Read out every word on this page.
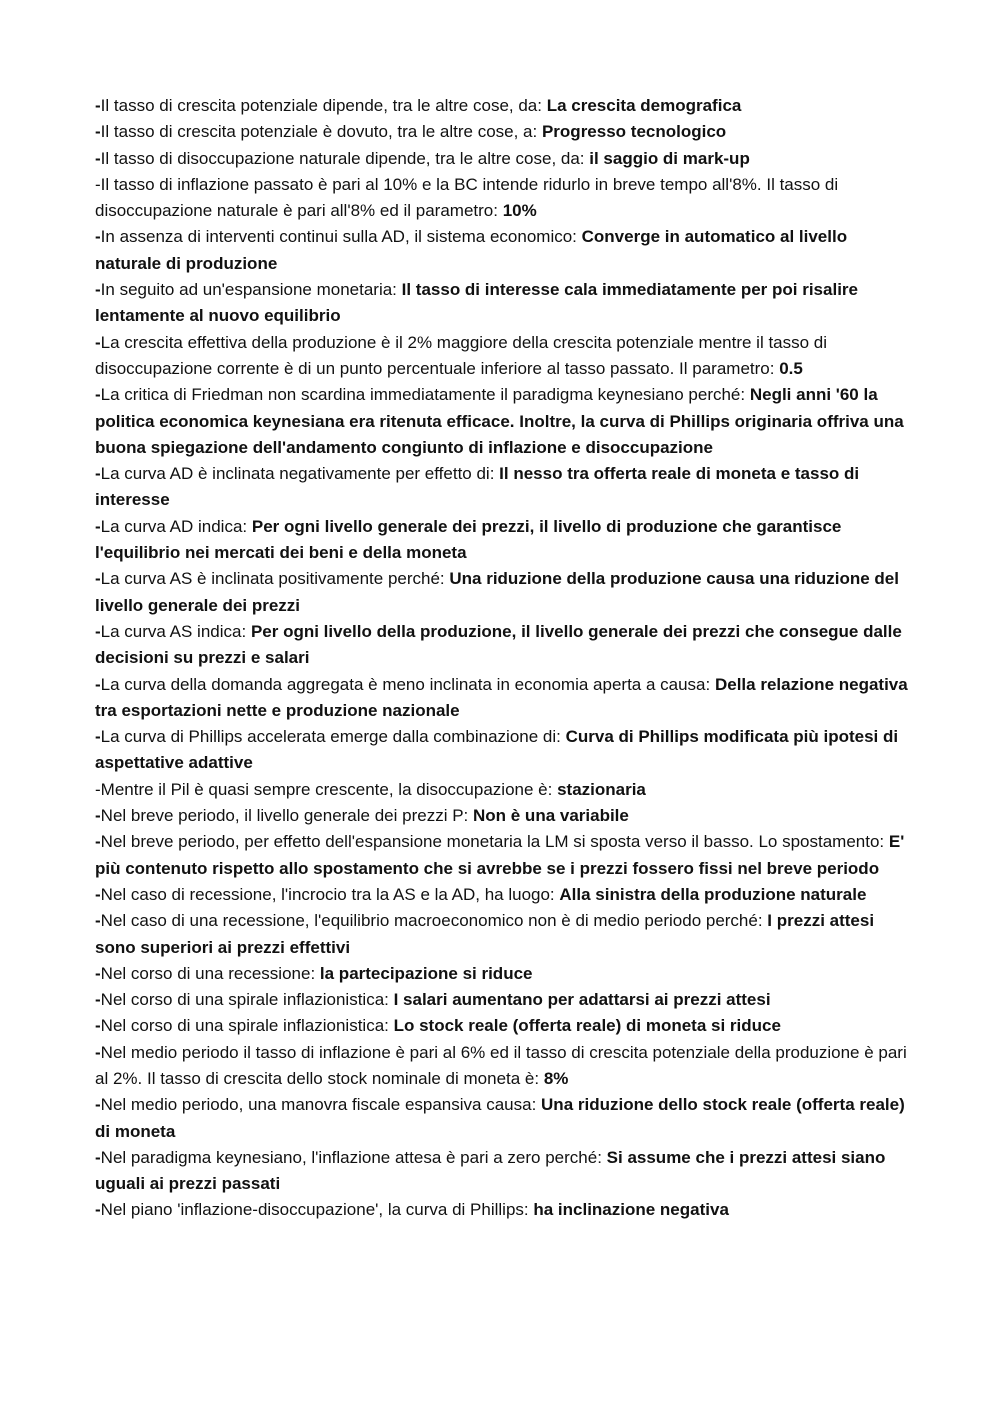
-Il tasso di crescita potenziale dipende, tra le altre cose, da: La crescita demografica

-Il tasso di crescita potenziale è dovuto, tra le altre cose, a: Progresso tecnologico

-Il tasso di disoccupazione naturale dipende, tra le altre cose, da: il saggio di mark-up

-Il tasso di inflazione passato è pari al 10% e la BC intende ridurlo in breve tempo all'8%. Il tasso di disoccupazione naturale è pari all'8% ed il parametro: 10%

-In assenza di interventi continui sulla AD, il sistema economico: Converge in automatico al livello naturale di produzione

-In seguito ad un'espansione monetaria: Il tasso di interesse cala immediatamente per poi risalire lentamente al nuovo equilibrio

-La crescita effettiva della produzione è il 2% maggiore della crescita potenziale mentre il tasso di disoccupazione corrente è di un punto percentuale inferiore al tasso passato. Il parametro: 0.5

-La critica di Friedman non scardina immediatamente il paradigma keynesiano perché: Negli anni '60 la politica economica keynesiana era ritenuta efficace. Inoltre, la curva di Phillips originaria offriva una buona spiegazione dell'andamento congiunto di inflazione e disoccupazione

-La curva AD è inclinata negativamente per effetto di: Il nesso tra offerta reale di moneta e tasso di interesse

-La curva AD indica: Per ogni livello generale dei prezzi, il livello di produzione che garantisce l'equilibrio nei mercati dei beni e della moneta

-La curva AS è inclinata positivamente perché: Una riduzione della produzione causa una riduzione del livello generale dei prezzi

-La curva AS indica: Per ogni livello della produzione, il livello generale dei prezzi che consegue dalle decisioni su prezzi e salari

-La curva della domanda aggregata è meno inclinata in economia aperta a causa: Della relazione negativa tra esportazioni nette e produzione nazionale

-La curva di Phillips accelerata emerge dalla combinazione di: Curva di Phillips modificata più ipotesi di aspettative adattive

-Mentre il Pil è quasi sempre crescente, la disoccupazione è: stazionaria

-Nel breve periodo, il livello generale dei prezzi P: Non è una variabile

-Nel breve periodo, per effetto dell'espansione monetaria la LM si sposta verso il basso. Lo spostamento: E' più contenuto rispetto allo spostamento che si avrebbe se i prezzi fossero fissi nel breve periodo

-Nel caso di recessione, l'incrocio tra la AS e la AD, ha luogo: Alla sinistra della produzione naturale

-Nel caso di una recessione, l'equilibrio macroeconomico non è di medio periodo perché: I prezzi attesi sono superiori ai prezzi effettivi

-Nel corso di una recessione: la partecipazione si riduce

-Nel corso di una spirale inflazionistica: I salari aumentano per adattarsi ai prezzi attesi

-Nel corso di una spirale inflazionistica: Lo stock reale (offerta reale) di moneta si riduce

-Nel medio periodo il tasso di inflazione è pari al 6% ed il tasso di crescita potenziale della produzione è pari al 2%. Il tasso di crescita dello stock nominale di moneta è: 8%

-Nel medio periodo, una manovra fiscale espansiva causa: Una riduzione dello stock reale (offerta reale) di moneta

-Nel paradigma keynesiano, l'inflazione attesa è pari a zero perché: Si assume che i prezzi attesi siano uguali ai prezzi passati

-Nel piano 'inflazione-disoccupazione', la curva di Phillips: ha inclinazione negativa
